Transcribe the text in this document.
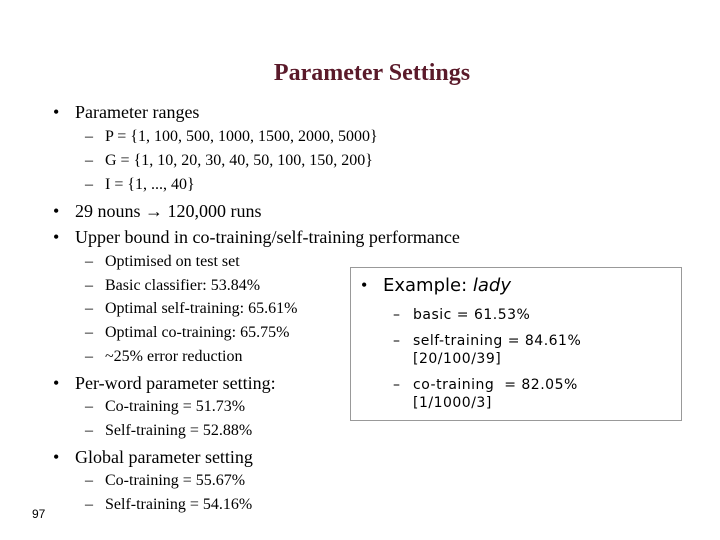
Parameter Settings
• Parameter ranges
– P = {1, 100, 500, 1000, 1500, 2000, 5000}
– G = {1, 10, 20, 30, 40, 50, 100, 150, 200}
– I = {1, ..., 40}
• 29 nouns → 120,000 runs
• Upper bound in co-training/self-training performance
– Optimised on test set
– Basic classifier: 53.84%
– Optimal self-training: 65.61%
– Optimal co-training: 65.75%
– ~25% error reduction
• Per-word parameter setting:
– Co-training = 51.73%
– Self-training = 52.88%
• Global parameter setting
– Co-training = 55.67%
– Self-training = 54.16%
• Example: lady
– basic = 61.53%
– self-training = 84.61%
[20/100/39]
– co-training  = 82.05%
[1/1000/3]
97
